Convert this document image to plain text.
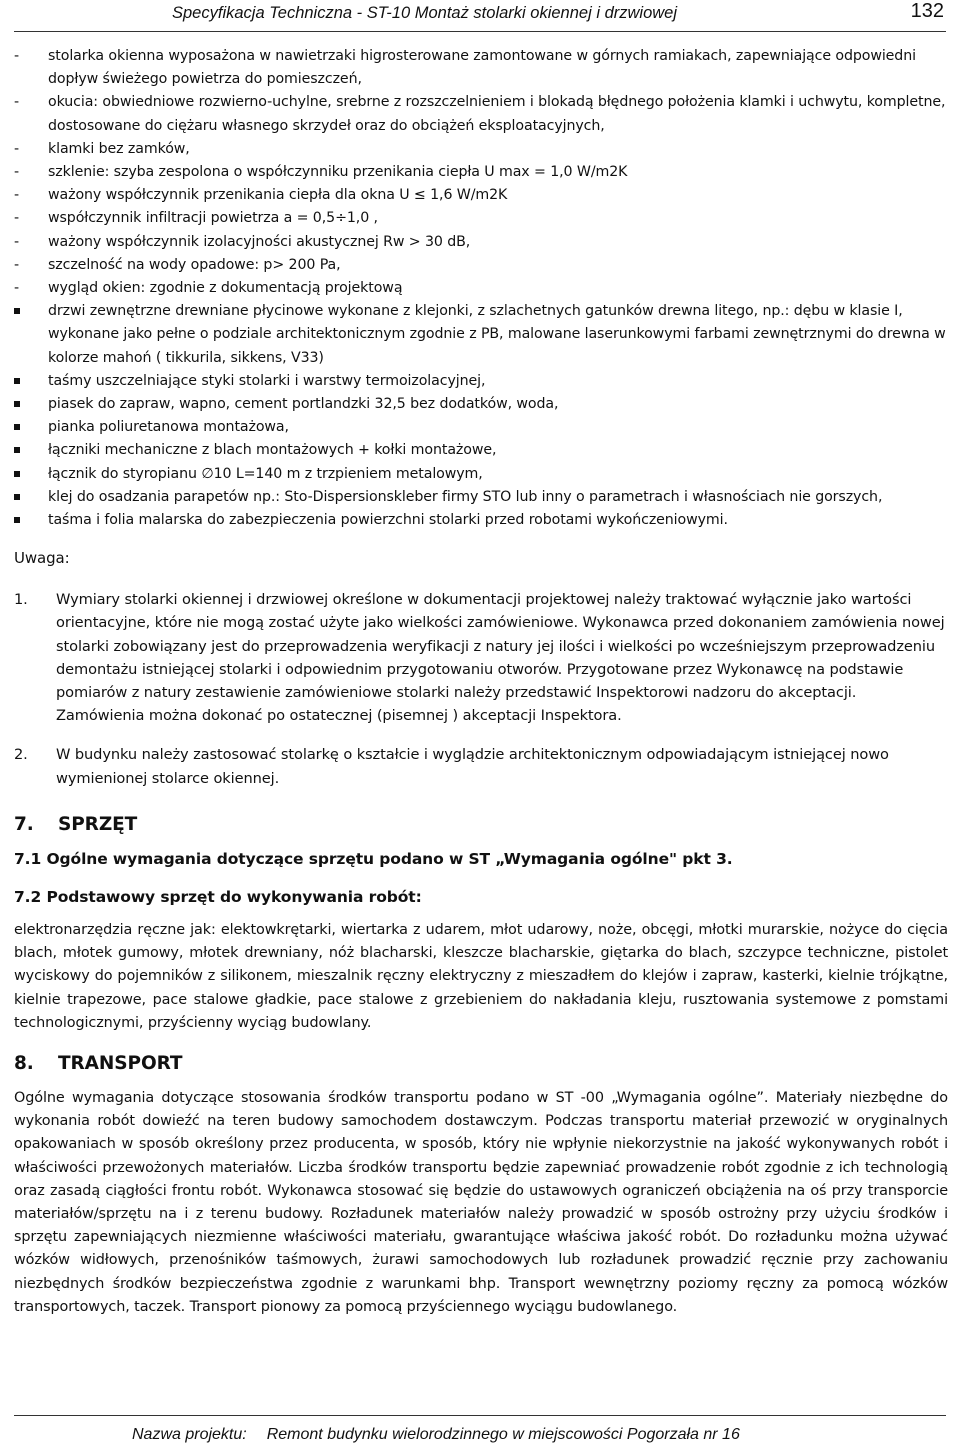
Specyfikacja Techniczna - ST-10 Montaż stolarki okiennej i drzwiowej	132
- stolarka okienna wyposażona w nawietrzaki higrosterowane zamontowane w górnych ramiakach, zapewniające odpowiedni dopływ świeżego powietrza do pomieszczeń,
- okucia: obwiedniowe rozwierno-uchylne, srebrne z rozszczelnieniem i blokadą błędnego położenia klamki i uchwytu, kompletne, dostosowane do ciężaru własnego skrzydeł oraz do obciążeń eksploatacyjnych,
- klamki bez zamków,
- szklenie: szyba zespolona o współczynniku przenikania ciepła U max = 1,0 W/m2K
- ważony współczynnik przenikania ciepła dla okna U ≤ 1,6 W/m2K
- współczynnik infiltracji powietrza a = 0,5÷1,0 ,
- ważony współczynnik izolacyjności akustycznej Rw > 30 dB,
- szczelność na wody opadowe: p> 200 Pa,
- wygląd okien: zgodnie z dokumentacją projektową
drzwi zewnętrzne drewniane płycinowe wykonane z klejonki, z szlachetnych gatunków drewna litego, np.: dębu w klasie I, wykonane jako pełne o podziale architektonicznym zgodnie z PB, malowane laserunkowymi farbami zewnętrznymi do drewna w kolorze mahoń ( tikkurila, sikkens, V33)
taśmy uszczelniające styki stolarki i warstwy termoizolacyjnej,
piasek do zapraw, wapno, cement portlandzki 32,5 bez dodatków, woda,
pianka poliuretanowa montażowa,
łączniki mechaniczne z blach montażowych + kołki montażowe,
łącznik do styropianu ∅10 L=140 m z trzpieniem metalowym,
klej do osadzania parapetów np.: Sto-Dispersionskleber firmy STO lub inny o parametrach i własnościach nie gorszych,
taśma i folia malarska do zabezpieczenia powierzchni stolarki przed robotami wykończeniowymi.
Uwaga:
1. Wymiary stolarki okiennej i drzwiowej określone w dokumentacji projektowej należy traktować wyłącznie jako wartości orientacyjne, które nie mogą zostać użyte jako wielkości zamówieniowe. Wykonawca przed dokonaniem zamówienia nowej stolarki zobowiązany jest do przeprowadzenia weryfikacji z natury jej ilości i wielkości po wcześniejszym przeprowadzeniu demontażu istniejącej stolarki i odpowiednim przygotowaniu otworów. Przygotowane przez Wykonawcę na podstawie pomiarów z natury zestawienie zamówieniowe stolarki należy przedstawić Inspektorowi nadzoru do akceptacji. Zamówienia można dokonać po ostatecznej (pisemnej ) akceptacji Inspektora.
2. W budynku należy zastosować stolarkę o kształcie i wyglądzie architektonicznym odpowiadającym istniejącej nowo wymienionej stolarce okiennej.
7. SPRZĘT
7.1 Ogólne wymagania dotyczące sprzętu podano w ST „Wymagania ogólne" pkt 3.
7.2 Podstawowy sprzęt do wykonywania robót:
elektronarzędzia ręczne jak: elektowkrętarki, wiertarka z udarem, młot udarowy, noże, obcęgi, młotki murarskie, nożyce do cięcia blach, młotek gumowy, młotek drewniany, nóż blacharski, kleszcze blacharskie, giętarka do blach, szczypce techniczne, pistolet wyciskowy do pojemników z silikonem, mieszalnik ręczny elektryczny z mieszadłem do klejów i zapraw, kasterki, kielnie trójkątne, kielnie trapezowe, pace stalowe gładkie, pace stalowe z grzebieniem do nakładania kleju, rusztowania systemowe z pomstami technologicznymi, przyścienny wyciąg budowlany.
8. TRANSPORT
Ogólne wymagania dotyczące stosowania środków transportu podano w ST -00 „Wymagania ogólne”. Materiały niezbędne do wykonania robót dowieźć na teren budowy samochodem dostawczym. Podczas transportu materiał przewozić w oryginalnych opakowaniach w sposób określony przez producenta, w sposób, który nie wpłynie niekorzystnie na jakość wykonywanych robót i właściwości przewożonych materiałów. Liczba środków transportu będzie zapewniać prowadzenie robót zgodnie z ich technologią oraz zasadą ciągłości frontu robót. Wykonawca stosować się będzie do ustawowych ograniczeń obciążenia na oś przy transporcie materiałów/sprzętu na i z terenu budowy. Rozładunek materiałów należy prowadzić w sposób ostrożny przy użyciu środków i sprzętu zapewniających niezmienne właściwości materiału, gwarantujące właściwa jakość robót. Do rozładunku można używać wózków widłowych, przenośników taśmowych, żurawi samochodowych lub rozładunek prowadzić ręcznie przy zachowaniu niezbędnych środków bezpieczeństwa zgodnie z warunkami bhp. Transport wewnętrzny poziomy ręczny za pomocą wózków transportowych, taczek. Transport pionowy za pomocą przyściennego wyciągu budowlanego.
Nazwa projektu: Remont budynku wielorodzinnego w miejscowości Pogorzała nr 16
